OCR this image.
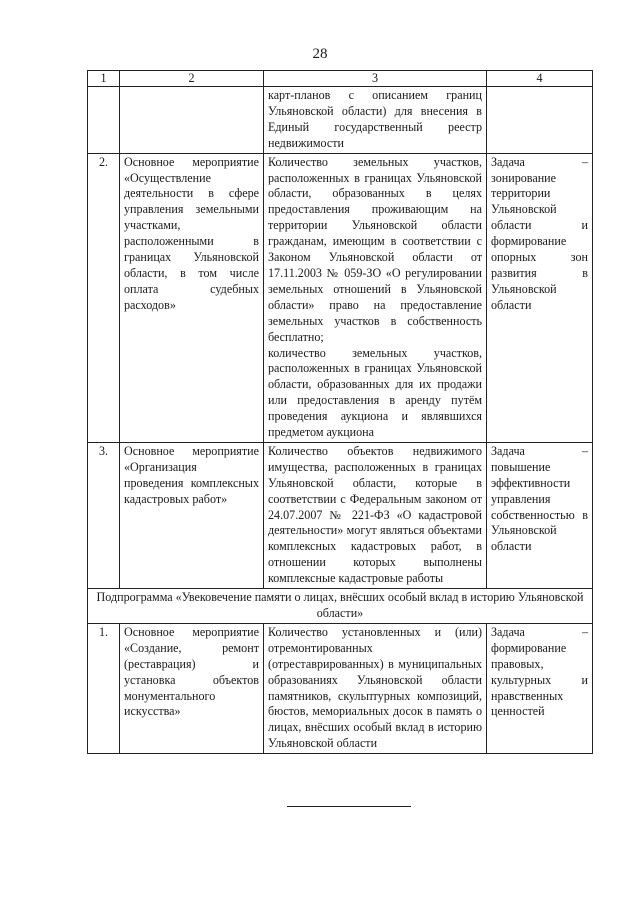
28
1	2	3	4
		карт-планов с описанием границ Ульяновской области) для внесения в Единый государственный реестр недвижимости	
2.	Основное мероприятие «Осуществление деятельности в сфере управления земельными участками, расположенными в границах Ульяновской области, в том числе оплата судебных расходов»	Количество земельных участков, расположенных в границах Ульяновской области, образованных в целях предоставления проживающим на территории Ульяновской области гражданам, имеющим в соответствии с Законом Ульяновской области от 17.11.2003 № 059-ЗО «О регулировании земельных отношений в Ульяновской области» право на предоставление земельных участков в собственность бесплатно;
количество земельных участков, расположенных в границах Ульяновской области, образованных для их продажи или предоставления в аренду путём проведения аукциона и являвшихся предметом аукциона	Задача – зонирование территории Ульяновской области и формирование опорных зон развития в Ульяновской области
3.	Основное мероприятие «Организация проведения комплексных кадастровых работ»	Количество объектов недвижимого имущества, расположенных в границах Ульяновской области, которые в соответствии с Федеральным законом от 24.07.2007 № 221-ФЗ «О кадастровой деятельности» могут являться объектами комплексных кадастровых работ, в отношении которых выполнены комплексные кадастровые работы	Задача – повышение эффективности управления собственностью в Ульяновской области
Подпрограмма «Увековечение памяти о лицах, внёсших особый вклад в историю Ульяновской области»			
1.	Основное мероприятие «Создание, ремонт (реставрация) и установка объектов монументального искусства»	Количество установленных и (или) отремонтированных (отреставрированных) в муниципальных образованиях Ульяновской области памятников, скульптурных композиций, бюстов, мемориальных досок в память о лицах, внёсших особый вклад в историю Ульяновской области	Задача – формирование правовых, культурных и нравственных ценностей
